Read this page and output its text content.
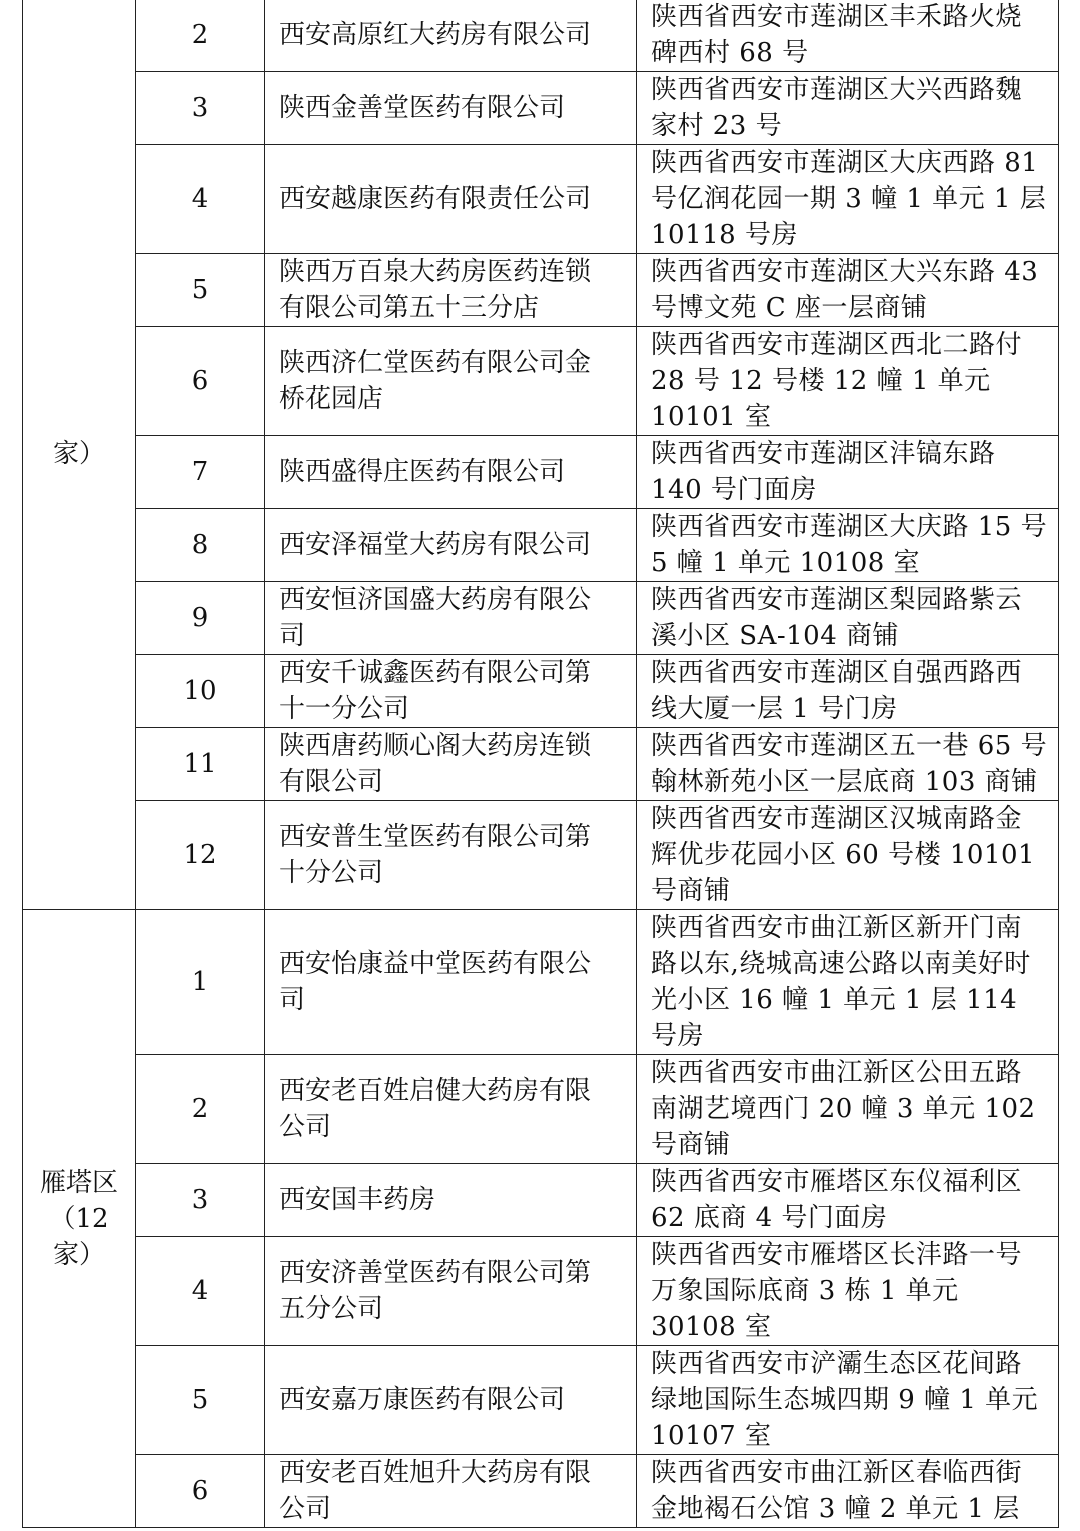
家）	2	西安高原红大药房有限公司	陕西省西安市莲湖区丰禾路火烧碑西村 68 号
	3	陕西金善堂医药有限公司	陕西省西安市莲湖区大兴西路魏家村 23 号
	4	西安越康医药有限责任公司	陕西省西安市莲湖区大庆西路 81 号亿润花园一期 3 幢 1 单元 1 层 10118 号房
	5	陕西万百泉大药房医药连锁有限公司第五十三分店	陕西省西安市莲湖区大兴东路 43 号博文苑 C 座一层商铺
	6	陕西济仁堂医药有限公司金桥花园店	陕西省西安市莲湖区西北二路付 28 号 12 号楼 12 幢 1 单元 10101 室
	7	陕西盛得庄医药有限公司	陕西省西安市莲湖区沣镐东路 140 号门面房
	8	西安泽福堂大药房有限公司	陕西省西安市莲湖区大庆路 15 号 5 幢 1 单元 10108 室
	9	西安恒济国盛大药房有限公司	陕西省西安市莲湖区梨园路紫云溪小区 SA-104 商铺
	10	西安千诚鑫医药有限公司第十一分公司	陕西省西安市莲湖区自强西路西线大厦一层 1 号门房
	11	陕西唐药顺心阁大药房连锁有限公司	陕西省西安市莲湖区五一巷 65 号翰林新苑小区一层底商 103 商铺
	12	西安普生堂医药有限公司第十分公司	陕西省西安市莲湖区汉城南路金辉优步花园小区 60 号楼 10101 号商铺

雁塔区
（12
家）	1	西安怡康益中堂医药有限公司	陕西省西安市曲江新区新开门南路以东,绕城高速公路以南美好时光小区 16 幢 1 单元 1 层 114 号房
	2	西安老百姓启健大药房有限公司	陕西省西安市曲江新区公田五路南湖艺境西门 20 幢 3 单元 102 号商铺
	3	西安国丰药房	陕西省西安市雁塔区东仪福利区 62 底商 4 号门面房
	4	西安济善堂医药有限公司第五分公司	陕西省西安市雁塔区长沣路一号万象国际底商 3 栋 1 单元 30108 室
	5	西安嘉万康医药有限公司	陕西省西安市浐灞生态区花间路绿地国际生态城四期 9 幢 1 单元 10107 室
	6	西安老百姓旭升大药房有限公司	陕西省西安市曲江新区春临西街金地褐石公馆 3 幢 2 单元 1 层
